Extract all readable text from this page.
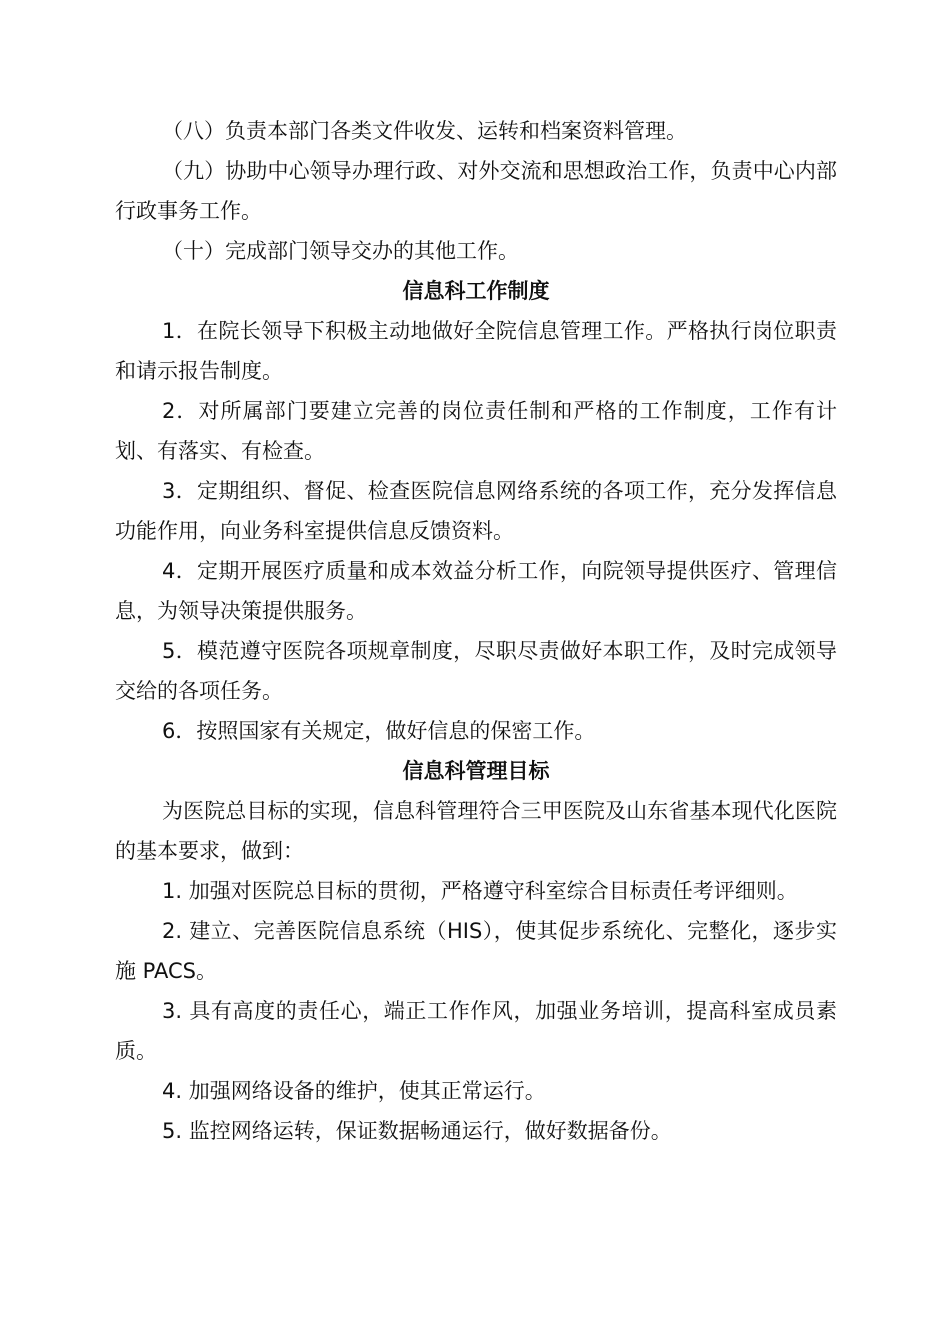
（八）负责本部门各类文件收发、运转和档案资料管理。

（九）协助中心领导办理行政、对外交流和思想政治工作，负责中心内部行政事务工作。

（十）完成部门领导交办的其他工作。

信息科工作制度

1．在院长领导下积极主动地做好全院信息管理工作。严格执行岗位职责和请示报告制度。

2．对所属部门要建立完善的岗位责任制和严格的工作制度，工作有计划、有落实、有检查。

3．定期组织、督促、检查医院信息网络系统的各项工作，充分发挥信息功能作用，向业务科室提供信息反馈资料。

4．定期开展医疗质量和成本效益分析工作，向院领导提供医疗、管理信息，为领导决策提供服务。

5．模范遵守医院各项规章制度，尽职尽责做好本职工作，及时完成领导交给的各项任务。

6．按照国家有关规定，做好信息的保密工作。

信息科管理目标

为医院总目标的实现，信息科管理符合三甲医院及山东省基本现代化医院的基本要求，做到：

1. 加强对医院总目标的贯彻，严格遵守科室综合目标责任考评细则。

2. 建立、完善医院信息系统（HIS），使其促步系统化、完整化，逐步实施 PACS。

3. 具有高度的责任心，端正工作作风，加强业务培训，提高科室成员素质。

4. 加强网络设备的维护，使其正常运行。

5. 监控网络运转，保证数据畅通运行，做好数据备份。
